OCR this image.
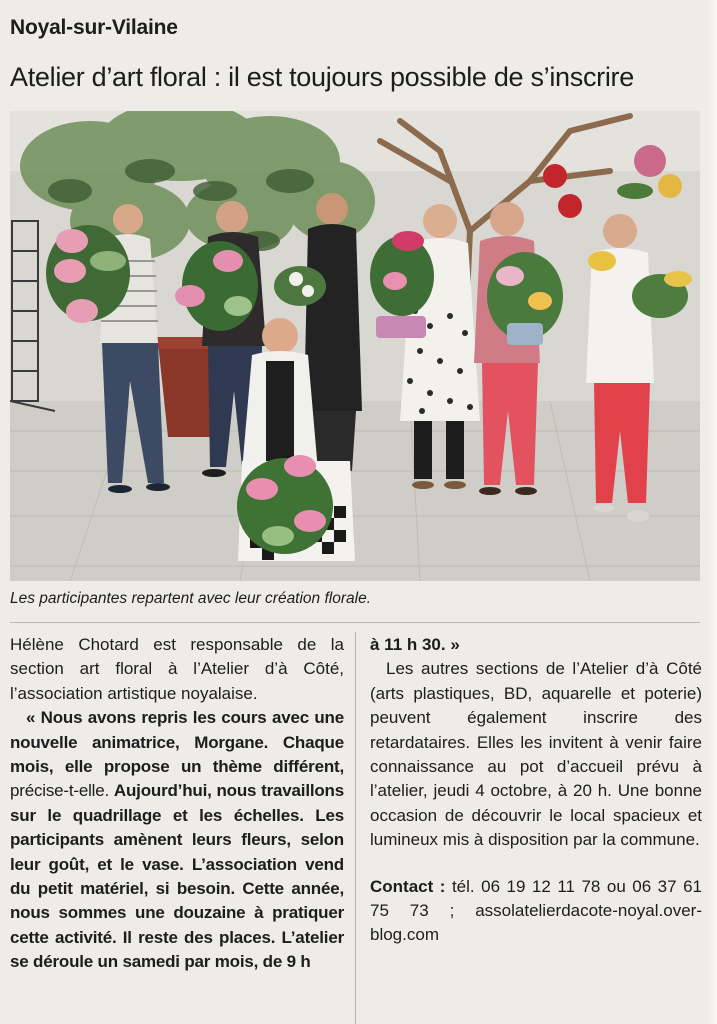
Noyal-sur-Vilaine
Atelier d’art floral : il est toujours possible de s’inscrire
Les participantes repartent avec leur création florale.

Hélène Chotard est responsable de la section art floral à l’Atelier d’à Côté, l’association artistique noyalaise.

« Nous avons repris les cours avec une nouvelle animatrice, Morgane. Chaque mois, elle propose un thème différent, précise-t-elle. Aujourd’hui, nous travaillons sur le quadrillage et les échelles. Les participants amènent leurs fleurs, selon leur goût, et le vase. L’association vend du petit matériel, si besoin. Cette année, nous sommes une douzaine à pratiquer cette activité. Il reste des places. L’atelier se déroule un samedi par mois, de 9 h

à 11 h 30. »

Les autres sections de l’Atelier d’à Côté (arts plastiques, BD, aquarelle et poterie) peuvent également inscrire des retardataires. Elles les invitent à venir faire connaissance au pot d’accueil prévu à l’atelier, jeudi 4 octobre, à 20 h. Une bonne occasion de découvrir le local spacieux et lumineux mis à disposition par la commune.

Contact : tél. 06 19 12 11 78 ou 06 37 61 75 73 ; assolatelierdacote-noyal.over-blog.com
